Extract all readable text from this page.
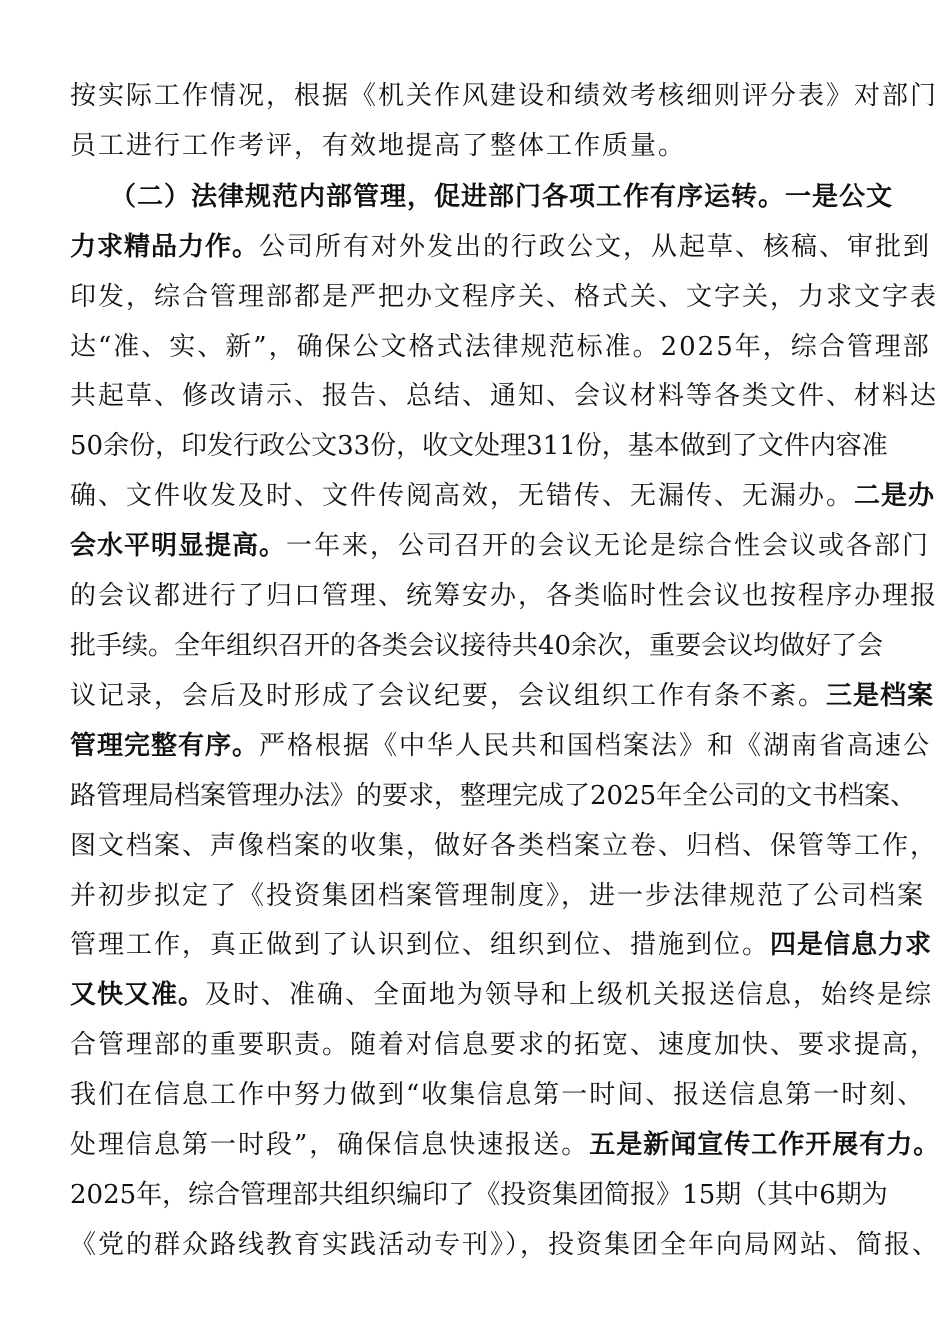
按实际工作情况，根据《机关作风建设和绩效考核细则评分表》对部门
员工进行工作考评，有效地提高了整体工作质量。
（二）法律规范内部管理，促进部门各项工作有序运转。一是公文
力求精品力作。公司所有对外发出的行政公文，从起草、核稿、审批到
印发，综合管理部都是严把办文程序关、格式关、文字关，力求文字表
达“准、实、新”，确保公文格式法律规范标准。2025年，综合管理部
共起草、修改请示、报告、总结、通知、会议材料等各类文件、材料达
50余份，印发行政公文33份，收文处理311份，基本做到了文件内容准
确、文件收发及时、文件传阅高效，无错传、无漏传、无漏办。二是办
会水平明显提高。一年来，公司召开的会议无论是综合性会议或各部门
的会议都进行了归口管理、统筹安办，各类临时性会议也按程序办理报
批手续。全年组织召开的各类会议接待共40余次，重要会议均做好了会
议记录，会后及时形成了会议纪要，会议组织工作有条不紊。三是档案
管理完整有序。严格根据《中华人民共和国档案法》和《湖南省高速公
路管理局档案管理办法》的要求，整理完成了2025年全公司的文书档案、
图文档案、声像档案的收集，做好各类档案立卷、归档、保管等工作，
并初步拟定了《投资集团档案管理制度》，进一步法律规范了公司档案
管理工作，真正做到了认识到位、组织到位、措施到位。四是信息力求
又快又准。及时、准确、全面地为领导和上级机关报送信息，始终是综
合管理部的重要职责。随着对信息要求的拓宽、速度加快、要求提高，
我们在信息工作中努力做到“收集信息第一时间、报送信息第一时刻、
处理信息第一时段”，确保信息快速报送。五是新闻宣传工作开展有力。
2025年，综合管理部共组织编印了《投资集团简报》15期（其中6期为
《党的群众路线教育实践活动专刊》），投资集团全年向局网站、简报、
